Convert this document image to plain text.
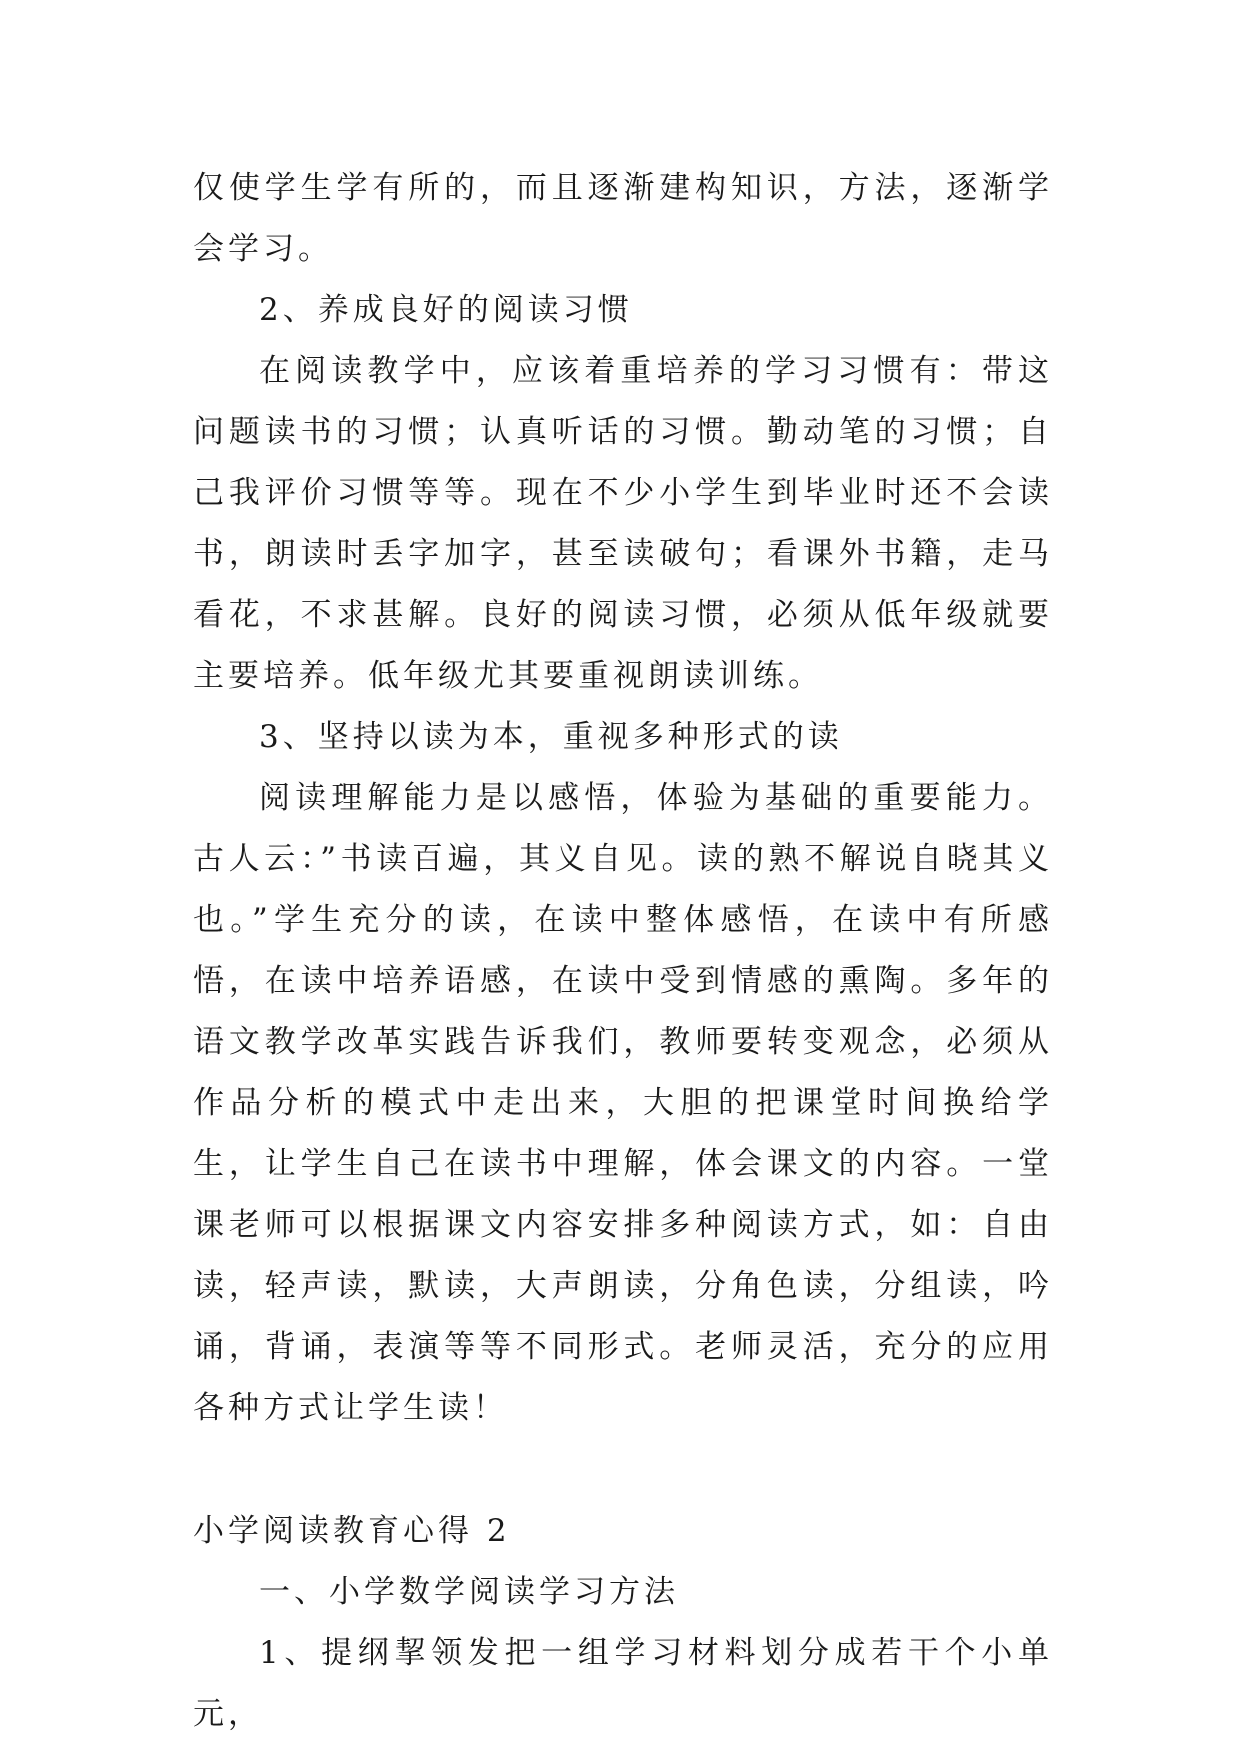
仅使学生学有所的，而且逐渐建构知识，方法，逐渐学会学习。

2、养成良好的阅读习惯

在阅读教学中，应该着重培养的学习习惯有：带这问题读书的习惯；认真听话的习惯。勤动笔的习惯；自己我评价习惯等等。现在不少小学生到毕业时还不会读书，朗读时丢字加字，甚至读破句；看课外书籍，走马看花，不求甚解。良好的阅读习惯，必须从低年级就要主要培养。低年级尤其要重视朗读训练。

3、坚持以读为本，重视多种形式的读

阅读理解能力是以感悟，体验为基础的重要能力。古人云：”书读百遍，其义自见。读的熟不解说自晓其义也。”学生充分的读，在读中整体感悟，在读中有所感悟，在读中培养语感，在读中受到情感的熏陶。多年的语文教学改革实践告诉我们，教师要转变观念，必须从作品分析的模式中走出来，大胆的把课堂时间换给学生，让学生自己在读书中理解，体会课文的内容。一堂课老师可以根据课文内容安排多种阅读方式，如：自由读，轻声读，默读，大声朗读，分角色读，分组读，吟诵，背诵，表演等等不同形式。老师灵活，充分的应用各种方式让学生读！

小学阅读教育心得 2

一、小学数学阅读学习方法

1、提纲挈领发把一组学习材料划分成若干个小单元，
